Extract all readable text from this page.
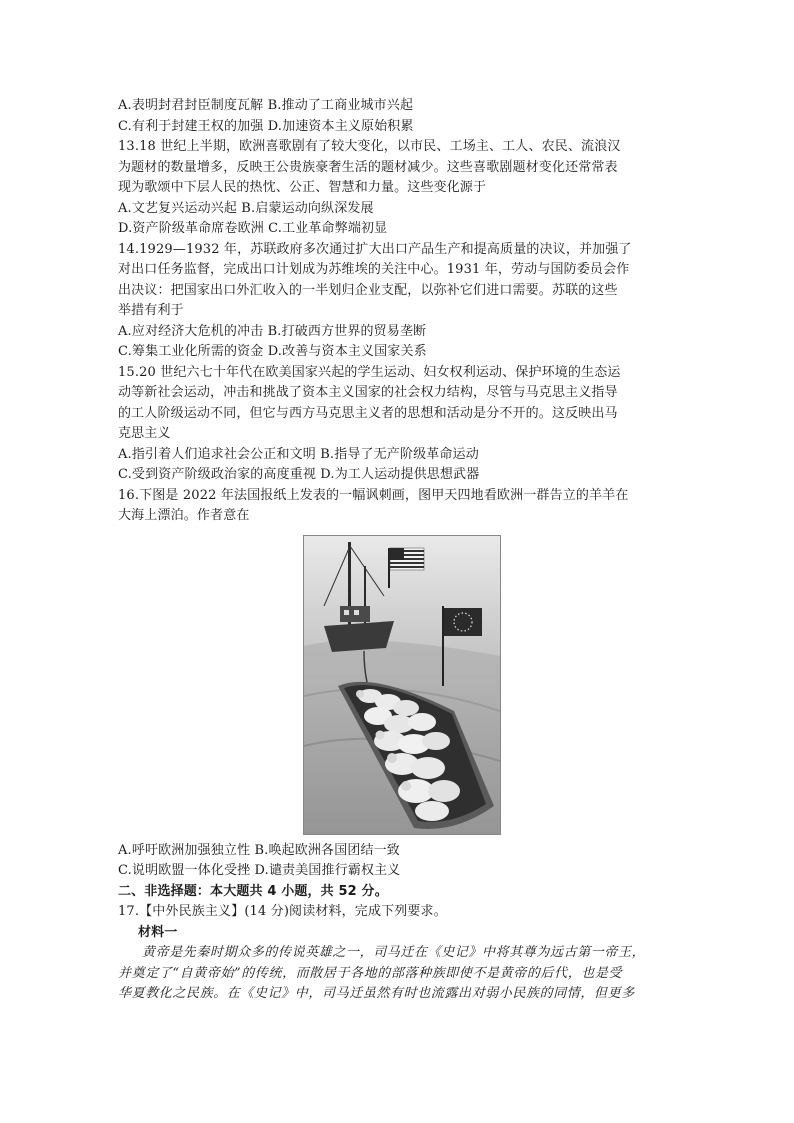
A.表明封君封臣制度瓦解 B.推动了工商业城市兴起
C.有利于封建王权的加强 D.加速资本主义原始积累
13.18 世纪上半期，欧洲喜歌剧有了较大变化，以市民、工场主、工人、农民、流浪汉
为题材的数量增多，反映王公贵族豪奢生活的题材减少。这些喜歌剧题材变化还常常表
现为歌颂中下层人民的热忱、公正、智慧和力量。这些变化源于
A.文艺复兴运动兴起 B.启蒙运动向纵深发展
D.资产阶级革命席卷欧洲 C.工业革命弊端初显
14.1929—1932 年，苏联政府多次通过扩大出口产品生产和提高质量的决议，并加强了
对出口任务监督，完成出口计划成为苏维埃的关注中心。1931 年，劳动与国防委员会作
出决议：把国家出口外汇收入的一半划归企业支配，以弥补它们进口需要。苏联的这些
举措有利于
A.应对经济大危机的冲击 B.打破西方世界的贸易垄断
C.筹集工业化所需的资金 D.改善与资本主义国家关系
15.20 世纪六七十年代在欧美国家兴起的学生运动、妇女权利运动、保护环境的生态运
动等新社会运动，冲击和挑战了资本主义国家的社会权力结构，尽管与马克思主义指导
的工人阶级运动不同，但它与西方马克思主义者的思想和活动是分不开的。这反映出马
克思主义
A.指引着人们追求社会公正和文明 B.指导了无产阶级革命运动
C.受到资产阶级政治家的高度重视 D.为工人运动提供思想武器
16.下图是 2022 年法国报纸上发表的一幅讽刺画，图甲天四地看欧洲一群告立的羊羊在
大海上漂泊。作者意在
A.呼吁欧洲加强独立性 B.唤起欧洲各国团结一致
C.说明欧盟一体化受挫 D.谴责美国推行霸权主义
二、非选择题：本大题共 4 小题，共 52 分。
17.【中外民族主义】(14 分)阅读材料，完成下列要求。
材料一
黄帝是先秦时期众多的传说英雄之一，司马迁在《史记》中将其尊为远古第一帝王，
并奠定了“自黄帝始”的传统，而散居于各地的部落种族即使不是黄帝的后代，也是受
华夏教化之民族。在《史记》中，司马迁虽然有时也流露出对弱小民族的同情，但更多
